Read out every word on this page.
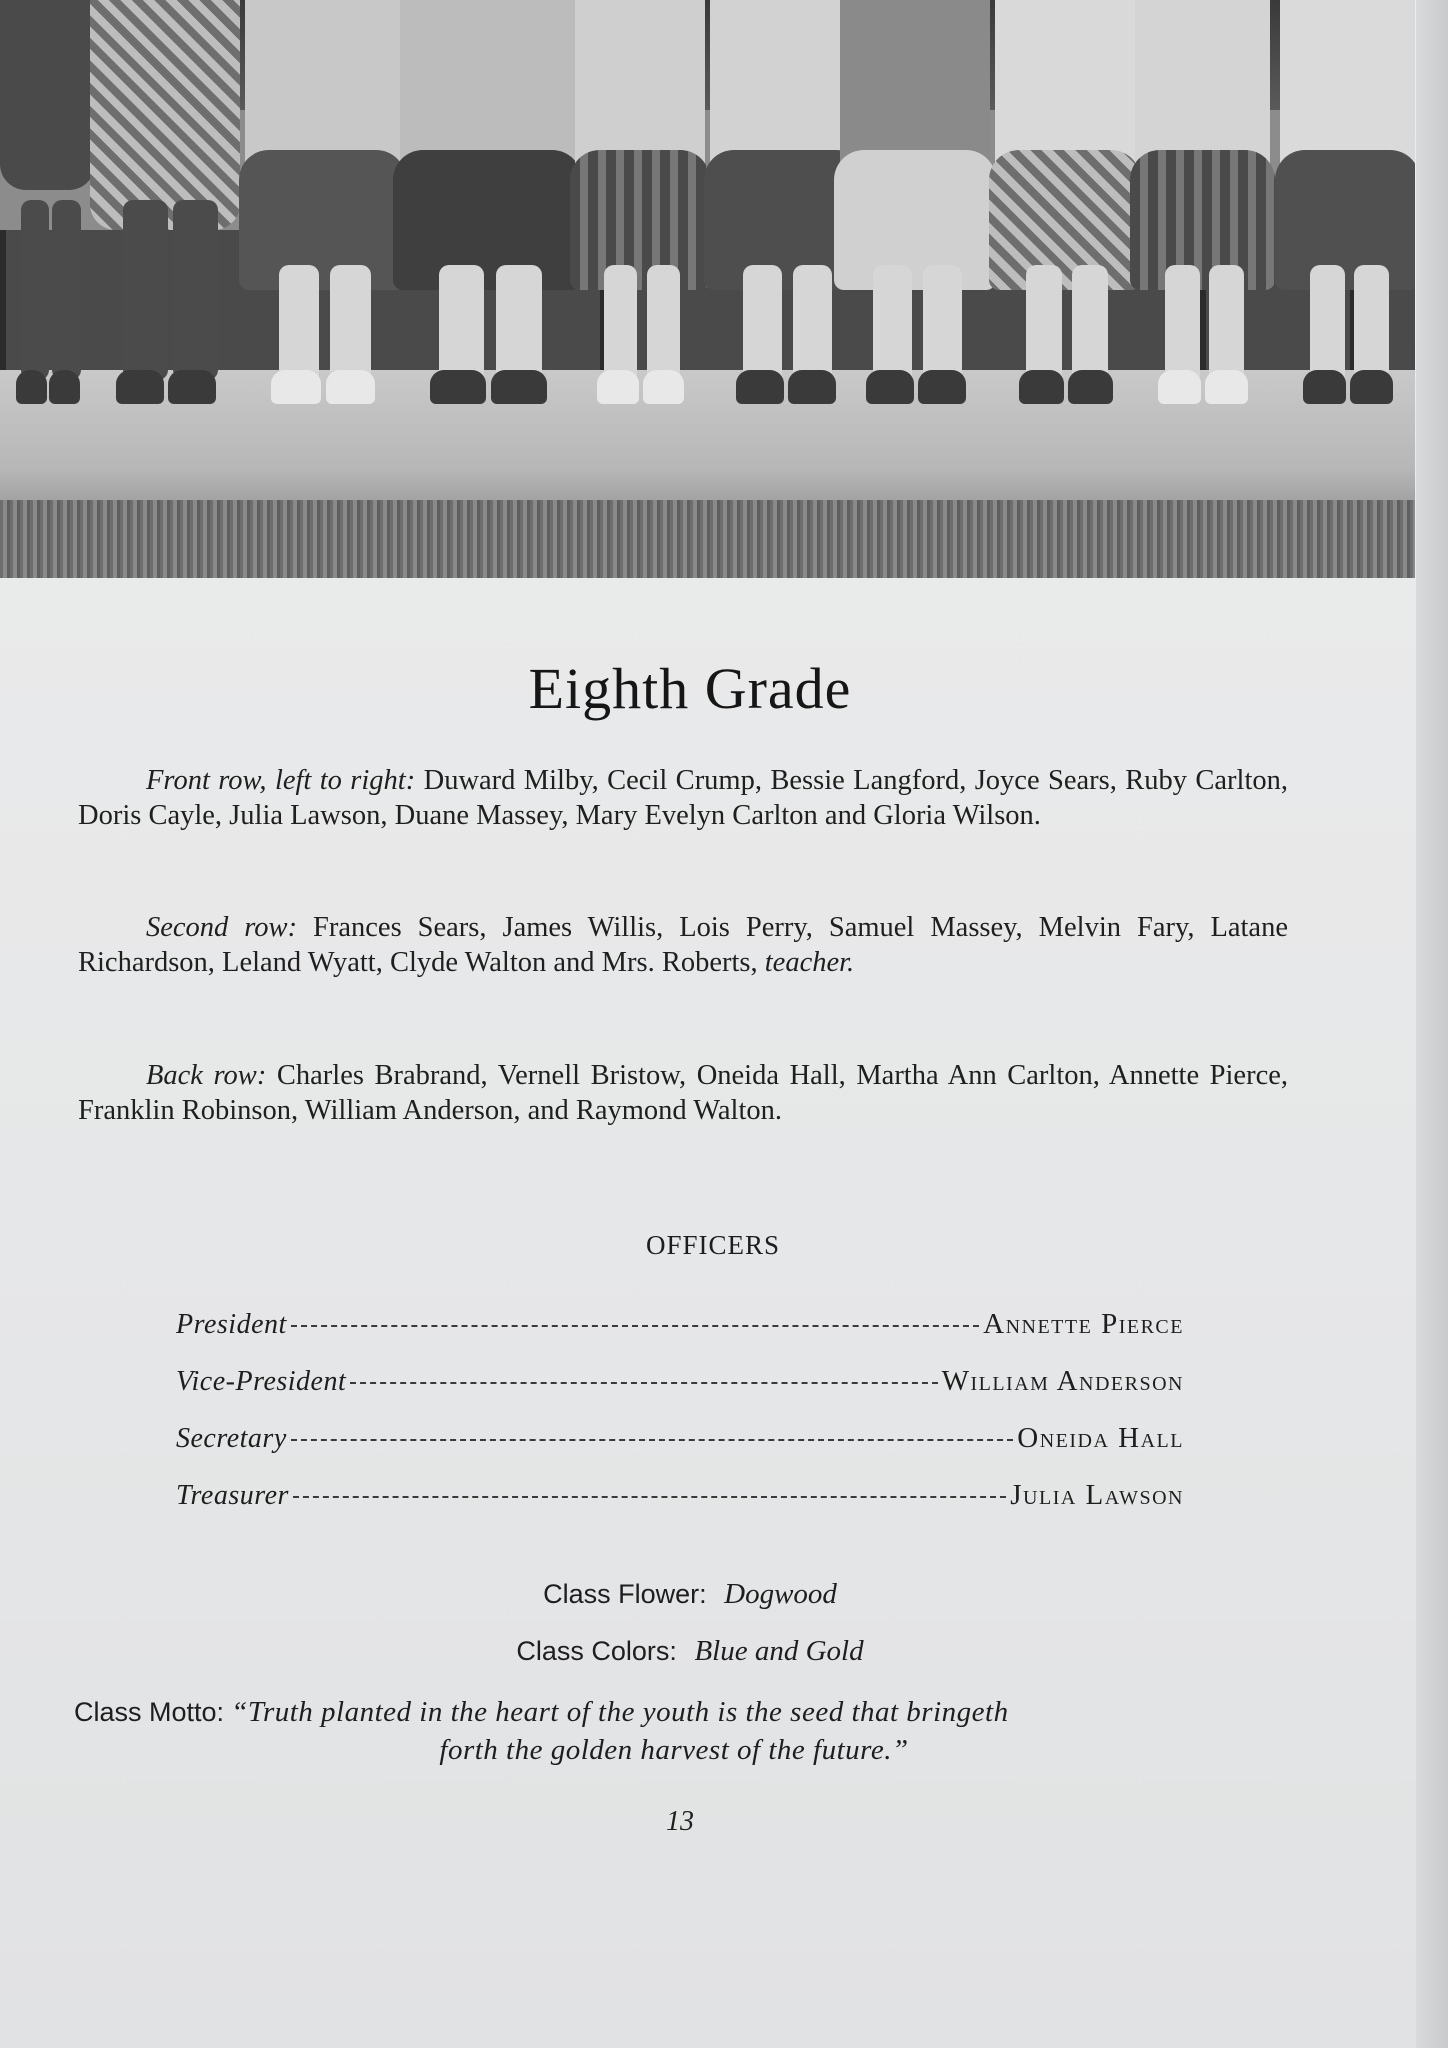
Eighth Grade
Front row, left to right: Duward Milby, Cecil Crump, Bessie Langford, Joyce Sears, Ruby Carlton, Doris Cayle, Julia Lawson, Duane Massey, Mary Evelyn Carlton and Gloria Wilson.
Second row: Frances Sears, James Willis, Lois Perry, Samuel Massey, Melvin Fary, Latane Richardson, Leland Wyatt, Clyde Walton and Mrs. Roberts, teacher.
Back row: Charles Brabrand, Vernell Bristow, Oneida Hall, Martha Ann Carlton, Annette Pierce, Franklin Robinson, William Anderson, and Raymond Walton.
OFFICERS
President	Annette Pierce
Vice-President	William Anderson
Secretary	Oneida Hall
Treasurer	Julia Lawson
Class Flower: Dogwood
Class Colors: Blue and Gold
Class Motto: “Truth planted in the heart of the youth is the seed that bringeth
forth the golden harvest of the future.”
13
